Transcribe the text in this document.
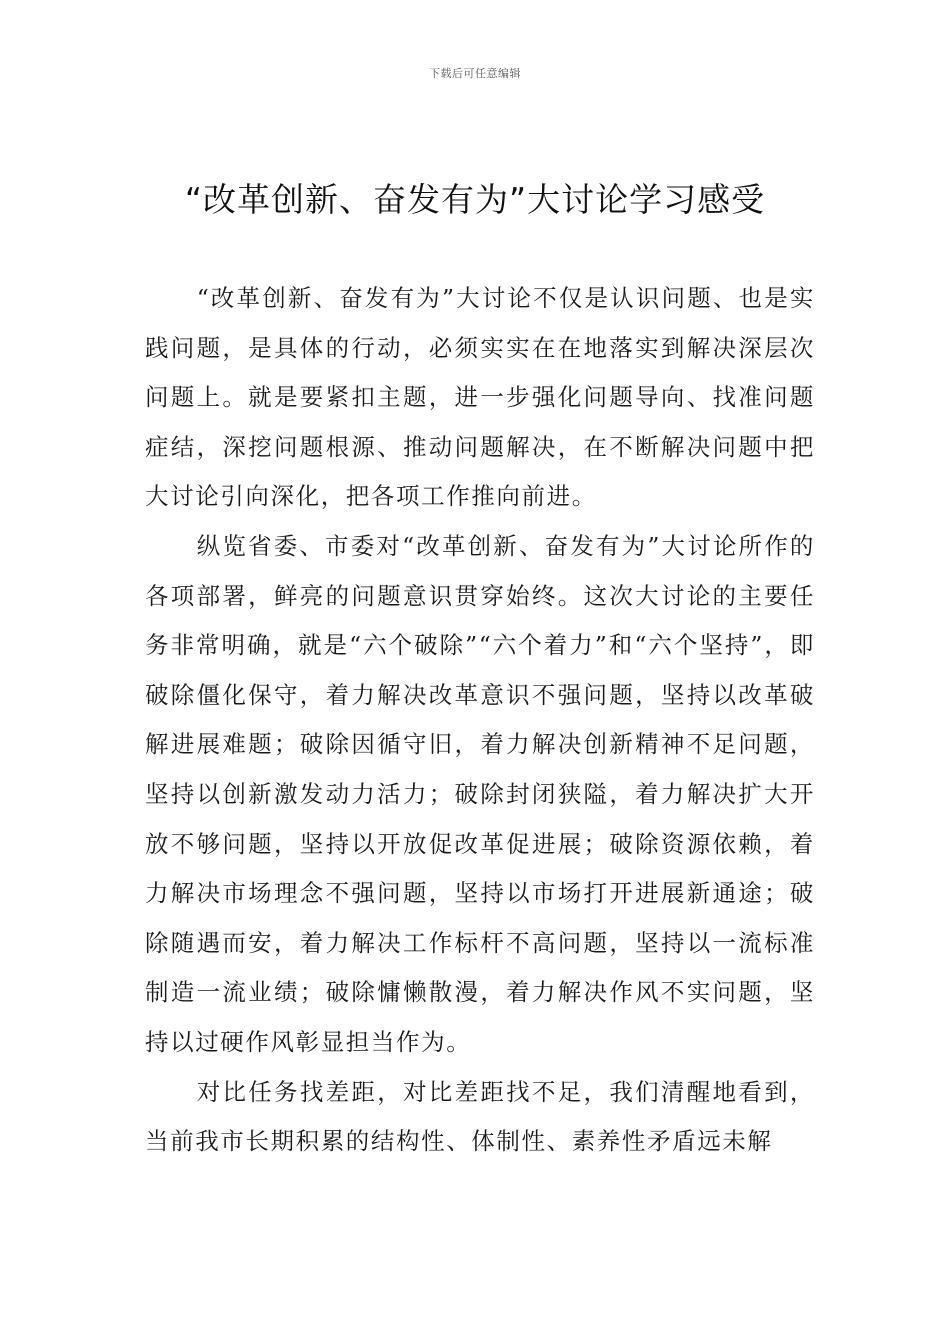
下载后可任意编辑
“改革创新、奋发有为”大讨论学习感受

“改革创新、奋发有为”大讨论不仅是认识问题、也是实践问题，是具体的行动，必须实实在在地落实到解决深层次问题上。就是要紧扣主题，进一步强化问题导向、找准问题症结，深挖问题根源、推动问题解决，在不断解决问题中把大讨论引向深化，把各项工作推向前进。

纵览省委、市委对“改革创新、奋发有为”大讨论所作的各项部署，鲜亮的问题意识贯穿始终。这次大讨论的主要任务非常明确，就是“六个破除”“六个着力”和“六个坚持”，即破除僵化保守，着力解决改革意识不强问题，坚持以改革破解进展难题；破除因循守旧，着力解决创新精神不足问题，坚持以创新激发动力活力；破除封闭狭隘，着力解决扩大开放不够问题，坚持以开放促改革促进展；破除资源依赖，着力解决市场理念不强问题，坚持以市场打开进展新通途；破除随遇而安，着力解决工作标杆不高问题，坚持以一流标准制造一流业绩；破除慵懒散漫，着力解决作风不实问题，坚持以过硬作风彰显担当作为。

对比任务找差距，对比差距找不足，我们清醒地看到，当前我市长期积累的结构性、体制性、素养性矛盾远未解
